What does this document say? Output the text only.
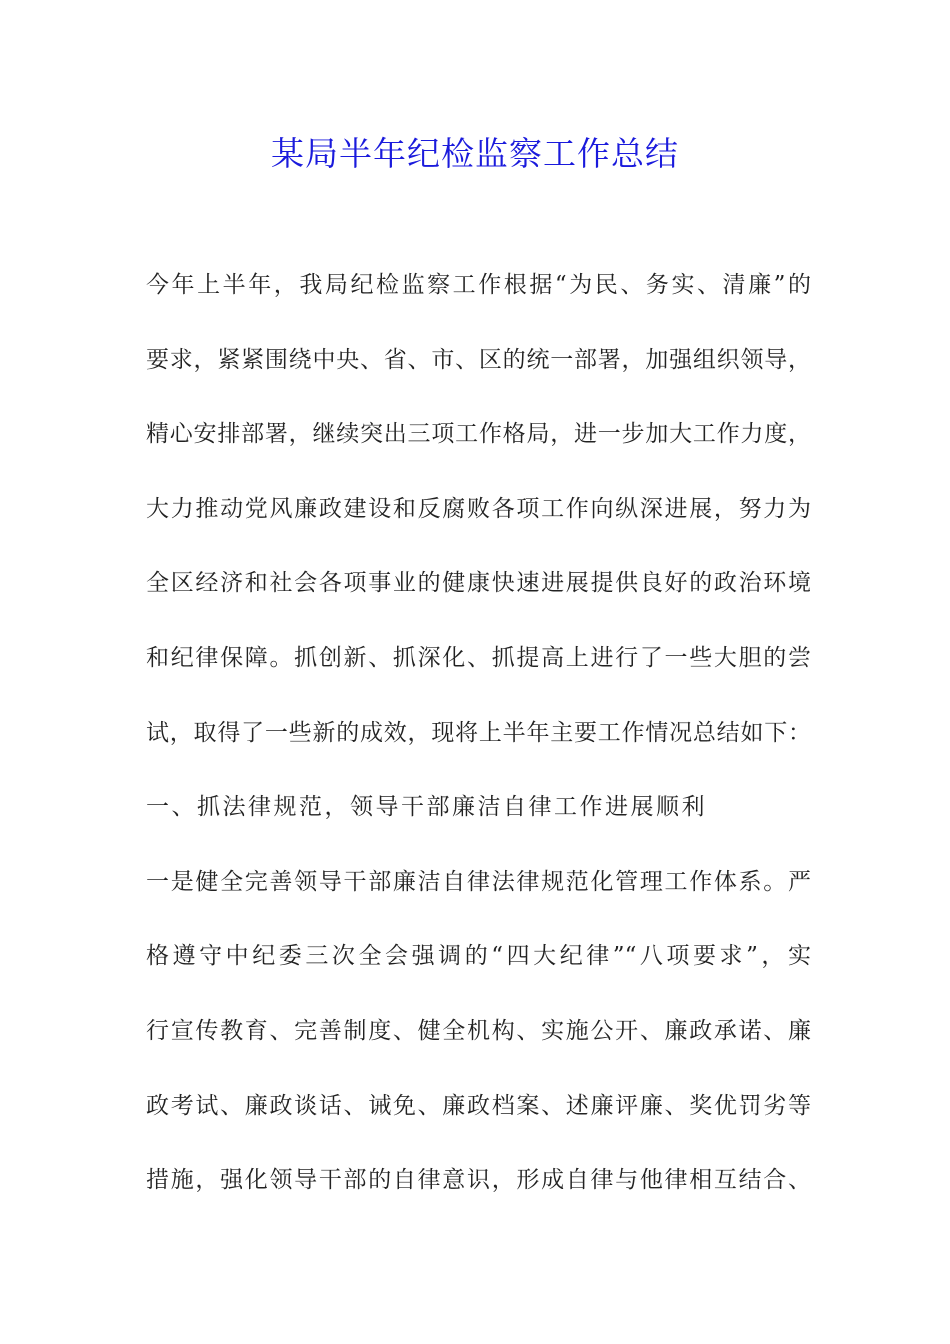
某局半年纪检监察工作总结
今年上半年，我局纪检监察工作根据“为民、务实、清廉”的
要求，紧紧围绕中央、省、市、区的统一部署，加强组织领导，
精心安排部署，继续突出三项工作格局，进一步加大工作力度，
大力推动党风廉政建设和反腐败各项工作向纵深进展，努力为
全区经济和社会各项事业的健康快速进展提供良好的政治环境
和纪律保障。抓创新、抓深化、抓提高上进行了一些大胆的尝
试，取得了一些新的成效，现将上半年主要工作情况总结如下：
一、抓法律规范，领导干部廉洁自律工作进展顺利
一是健全完善领导干部廉洁自律法律规范化管理工作体系。严
格遵守中纪委三次全会强调的“四大纪律”“八项要求”，实
行宣传教育、完善制度、健全机构、实施公开、廉政承诺、廉
政考试、廉政谈话、诫免、廉政档案、述廉评廉、奖优罚劣等
措施，强化领导干部的自律意识，形成自律与他律相互结合、
